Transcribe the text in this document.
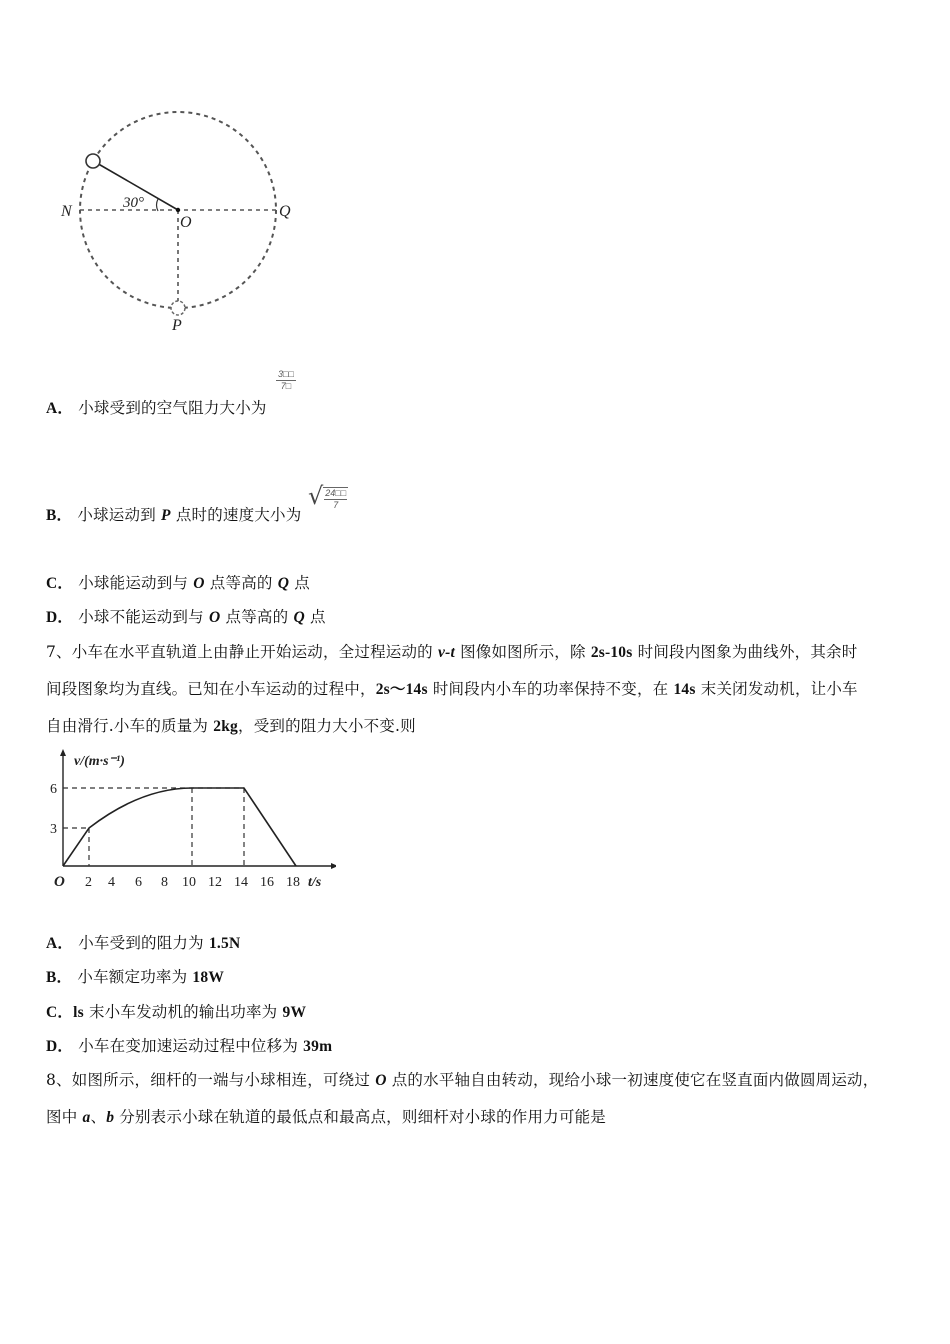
30°
N
O
Q
P
A． 小球受到的空气阻力大小为
$\frac{3□□}{7□}$
B． 小球运动到 P 点时的速度大小为
√ $\frac{24□□}{7}$
C． 小球能运动到与 O 点等高的 Q 点
D． 小球不能运动到与 O 点等高的 Q 点
7、小车在水平直轨道上由静止开始运动，全过程运动的 v-t 图像如图所示，除 2s-10s 时间段内图象为曲线外，其余时
间段图象均为直线。已知在小车运动的过程中，2s～14s 时间段内小车的功率保持不变，在 14s 末关闭发动机，让小车
自由滑行.小车的质量为 2kg，受到的阻力大小不变.则
v/(m·s⁻¹)
6
3
O 2 4 6 8 10 12 14 16 18 t/s
A． 小车受到的阻力为 1.5N
B． 小车额定功率为 18W
C．ls 末小车发动机的输出功率为 9W
D． 小车在变加速运动过程中位移为 39m
8、如图所示，细杆的一端与小球相连，可绕过 O 点的水平轴自由转动，现给小球一初速度使它在竖直面内做圆周运动，
图中 a、b 分别表示小球在轨道的最低点和最高点，则细杆对小球的作用力可能是
